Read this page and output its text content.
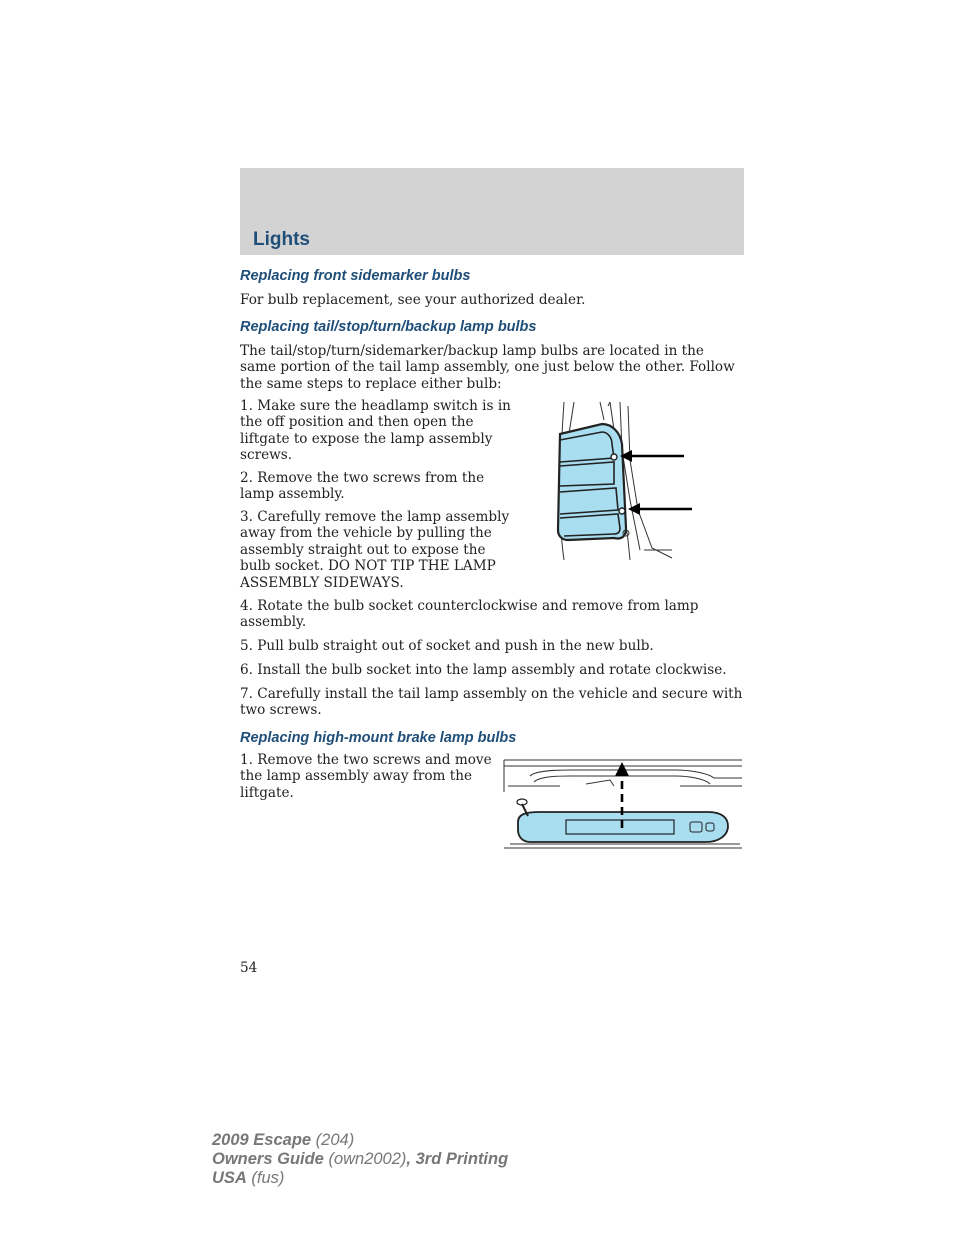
Lights
Replacing front sidemarker bulbs
For bulb replacement, see your authorized dealer.
Replacing tail/stop/turn/backup lamp bulbs
The tail/stop/turn/sidemarker/backup lamp bulbs are located in the same portion of the tail lamp assembly, one just below the other. Follow the same steps to replace either bulb:
1. Make sure the headlamp switch is in the off position and then open the liftgate to expose the lamp assembly screws.
2. Remove the two screws from the lamp assembly.
3. Carefully remove the lamp assembly away from the vehicle by pulling the assembly straight out to expose the bulb socket. DO NOT TIP THE LAMP ASSEMBLY SIDEWAYS.
4. Rotate the bulb socket counterclockwise and remove from lamp assembly.
5. Pull bulb straight out of socket and push in the new bulb.
6. Install the bulb socket into the lamp assembly and rotate clockwise.
7. Carefully install the tail lamp assembly on the vehicle and secure with two screws.
Replacing high-mount brake lamp bulbs
1. Remove the two screws and move the lamp assembly away from the liftgate.
54
2009 Escape (204)
Owners Guide (own2002), 3rd Printing
USA (fus)
